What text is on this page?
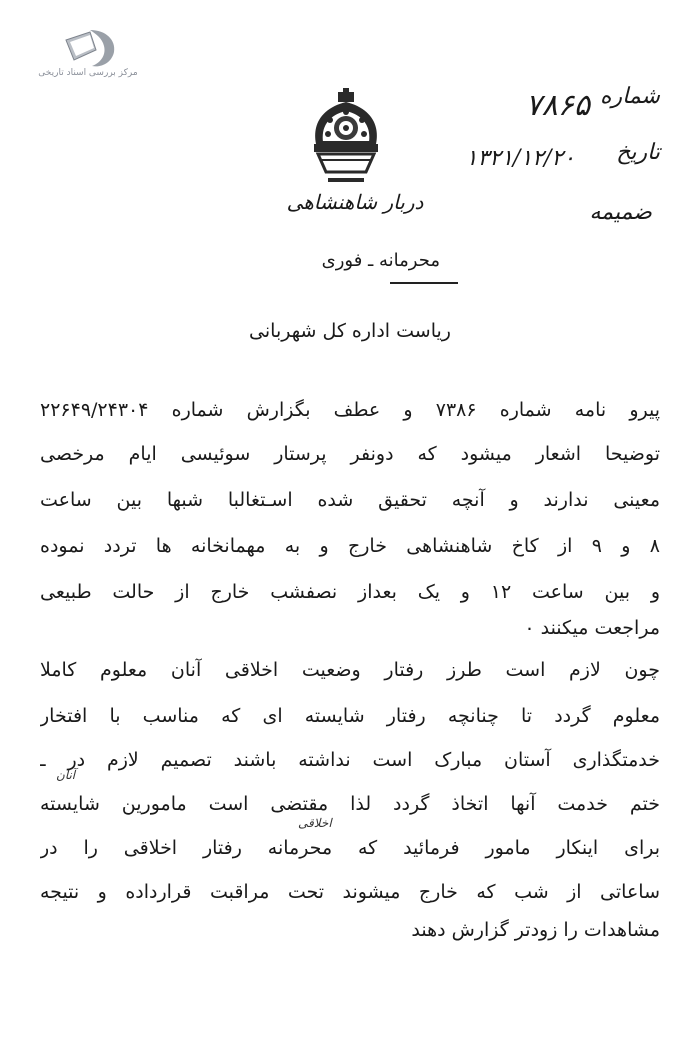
مرکز بررسی اسناد تاریخی
دربار شاهنشاهی
شماره
۷۸۶۵
تاریخ
۱۳۲۱/۱۲/۲۰
ضمیمه
محرمانه ـ فوری
ریاست اداره کل شهربانی
پیرو نامه شماره ۷۳۸۶ و عطف بگزارش شماره ۲۲۶۴۹/۲۴۳۰۴
توضیحا اشعار میشود که دونفر پرستار سوئیسی ایام مرخصی
معینی ندارند و آنچه تحقیق شده اسـتغالبا شبها بین ساعت
۸ و ۹ از کاخ شاهنشاهی خارج و به مهمانخانه ها تردد نموده
و بین ساعت ۱۲ و یک بعداز نصفشب خارج از حالت طبیعی
مراجعت میکنند ۰
چون لازم است طرز رفتار وضعیت اخلاقی آنان معلوم کاملا
معلوم گردد تا چنانچه رفتار شایسته ای که مناسب با افتخار
خدمتگذاری آستان مبارک است نداشته باشند تصمیم لازم در ـ
ختم خدمت آنها اتخاذ گردد لذا مقتضی است مامورین شایسته
برای اینکار مامور فرمائید که محرمانه رفتار اخلاقی را در
ساعاتی از شب که خارج میشوند تحت مراقبت قرارداده و نتیجه
مشاهدات را زودتر گزارش دهند
آنان
اخلاقی
